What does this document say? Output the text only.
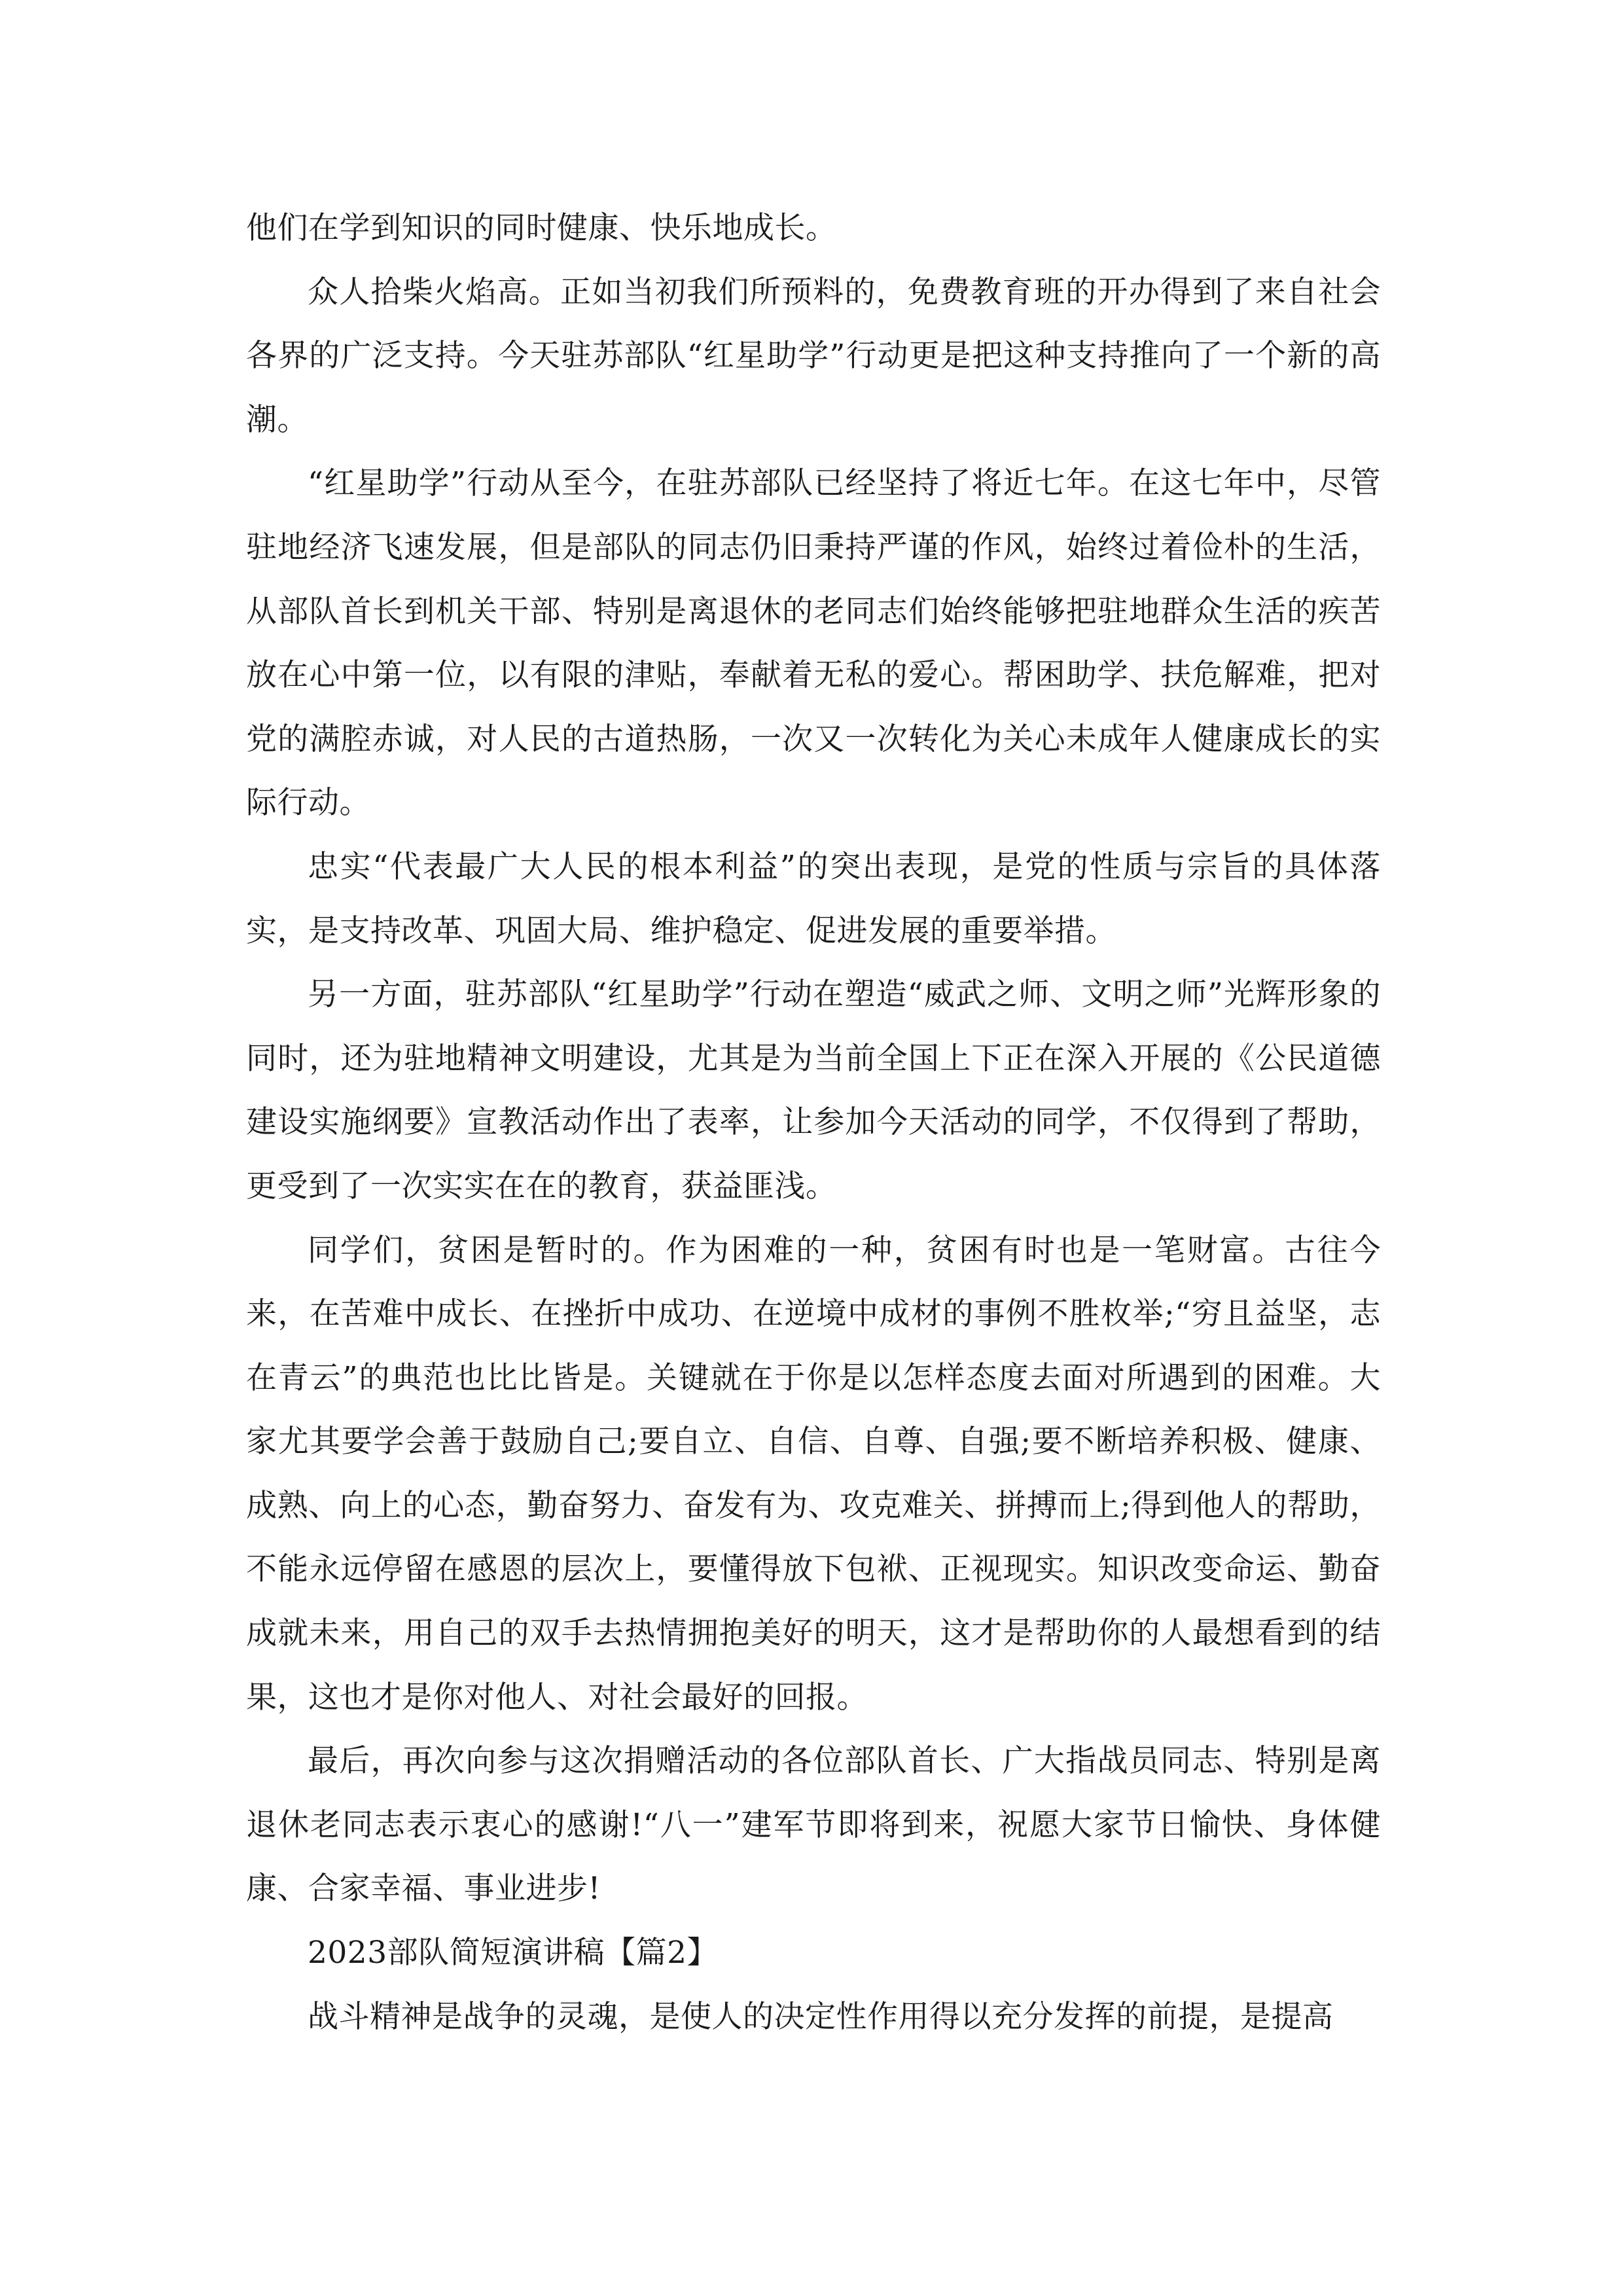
他们在学到知识的同时健康、快乐地成长。

众人拾柴火焰高。正如当初我们所预料的，免费教育班的开办得到了来自社会各界的广泛支持。今天驻苏部队“红星助学”行动更是把这种支持推向了一个新的高潮。

“红星助学”行动从至今，在驻苏部队已经坚持了将近七年。在这七年中，尽管驻地经济飞速发展，但是部队的同志仍旧秉持严谨的作风，始终过着俭朴的生活，从部队首长到机关干部、特别是离退休的老同志们始终能够把驻地群众生活的疾苦放在心中第一位，以有限的津贴，奉献着无私的爱心。帮困助学、扶危解难，把对党的满腔赤诚，对人民的古道热肠，一次又一次转化为关心未成年人健康成长的实际行动。

忠实“代表最广大人民的根本利益”的突出表现，是党的性质与宗旨的具体落实，是支持改革、巩固大局、维护稳定、促进发展的重要举措。

另一方面，驻苏部队“红星助学”行动在塑造“威武之师、文明之师”光辉形象的同时，还为驻地精神文明建设，尤其是为当前全国上下正在深入开展的《公民道德建设实施纲要》宣教活动作出了表率，让参加今天活动的同学，不仅得到了帮助，更受到了一次实实在在的教育，获益匪浅。

同学们，贫困是暂时的。作为困难的一种，贫困有时也是一笔财富。古往今来，在苦难中成长、在挫折中成功、在逆境中成材的事例不胜枚举;“穷且益坚，志在青云”的典范也比比皆是。关键就在于你是以怎样态度去面对所遇到的困难。大家尤其要学会善于鼓励自己;要自立、自信、自尊、自强;要不断培养积极、健康、成熟、向上的心态，勤奋努力、奋发有为、攻克难关、拼搏而上;得到他人的帮助，不能永远停留在感恩的层次上，要懂得放下包袱、正视现实。知识改变命运、勤奋成就未来，用自己的双手去热情拥抱美好的明天，这才是帮助你的人最想看到的结果，这也才是你对他人、对社会最好的回报。

最后，再次向参与这次捐赠活动的各位部队首长、广大指战员同志、特别是离退休老同志表示衷心的感谢!“八一”建军节即将到来，祝愿大家节日愉快、身体健康、合家幸福、事业进步!

2023部队简短演讲稿【篇2】

战斗精神是战争的灵魂，是使人的决定性作用得以充分发挥的前提，是提高
